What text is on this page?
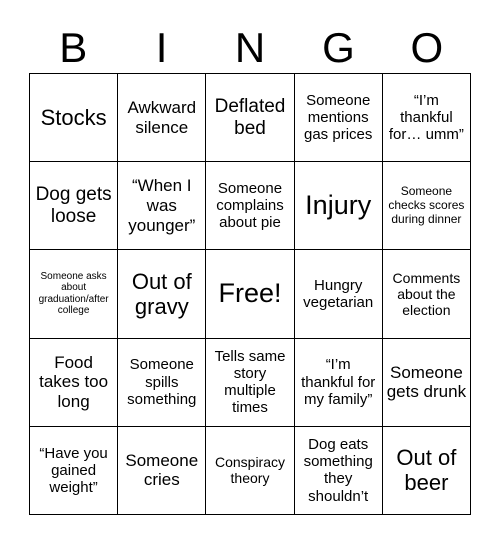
B	I	N	G	O
Stocks	Awkward silence
Deflated bed
Someone mentions gas prices
“I’m thankful for… umm”
Dog gets loose
“When I was younger”
Someone complains about pie
Injury	Someone checks scores during dinner
Someone asks about graduation/after college
Out of gravy	Free!	Hungry vegetarian
Comments about the election
Food takes too long
Someone spills something
Tells same story multiple times
“I’m thankful for my family”
Someone gets drunk
“Have you gained weight”
Someone cries
Conspiracy theory
Dog eats something they shouldn’t
Out of beer
